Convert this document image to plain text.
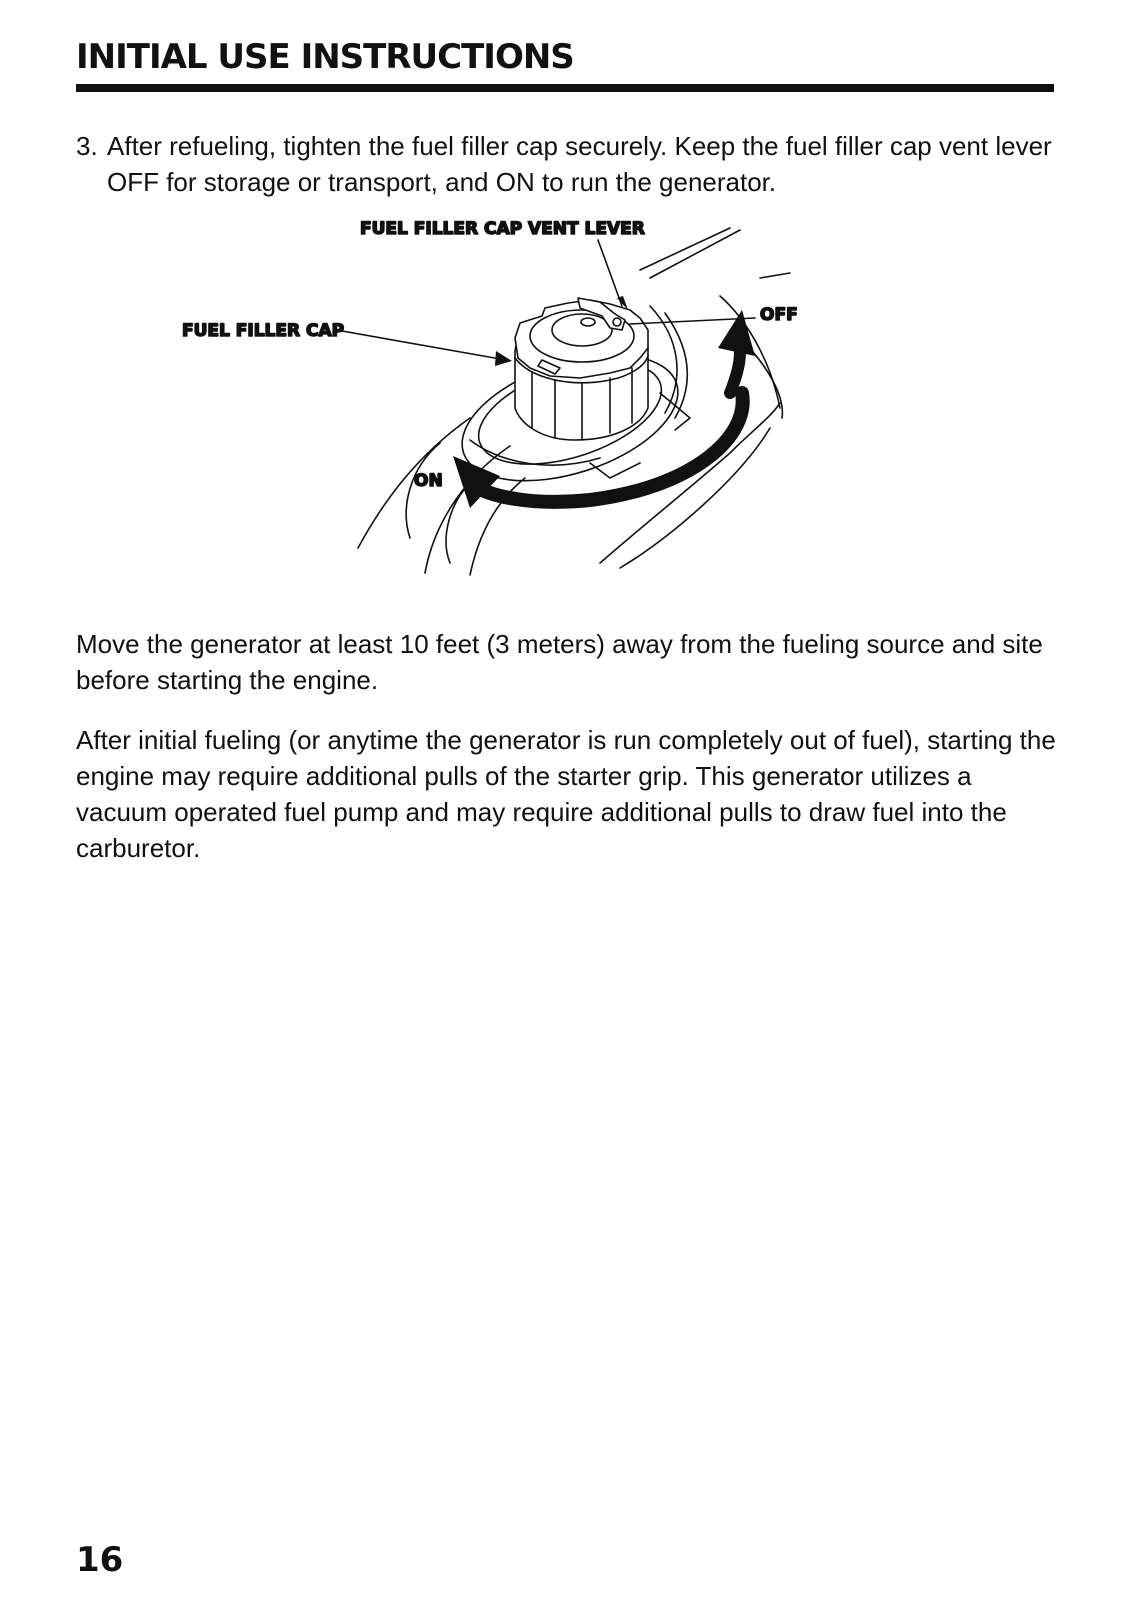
INITIAL USE INSTRUCTIONS
3. After refueling, tighten the fuel filler cap securely. Keep the fuel filler cap vent lever OFF for storage or transport, and ON to run the generator.
FUEL FILLER CAP VENT LEVER
FUEL FILLER CAP
OFF
ON

Move the generator at least 10 feet (3 meters) away from the fueling source and site before starting the engine.

After initial fueling (or anytime the generator is run completely out of fuel), starting the engine may require additional pulls of the starter grip. This generator utilizes a vacuum operated fuel pump and may require additional pulls to draw fuel into the carburetor.

16
